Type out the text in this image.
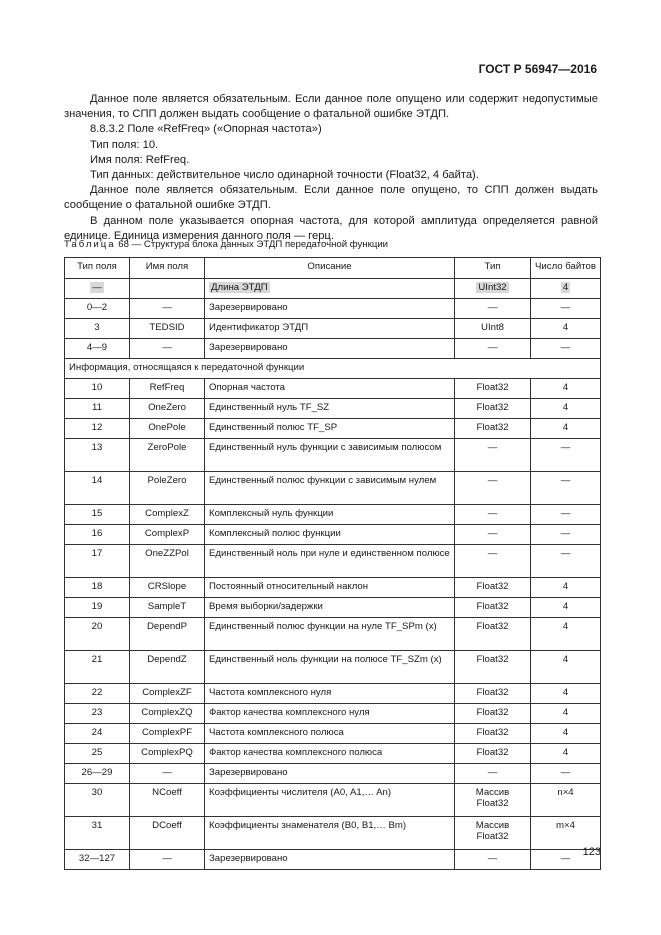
ГОСТ Р 56947—2016

Данное поле является обязательным. Если данное поле опущено или содержит недопустимые значения, то СПП должен выдать сообщение о фатальной ошибке ЭТДП.

8.8.3.2 Поле «RefFreq» («Опорная частота»)

Тип поля: 10.

Имя поля: RefFreq.

Тип данных: действительное число одинарной точности (Float32, 4 байта).

Данное поле является обязательным. Если данное поле опущено, то СПП должен выдать сообщение о фатальной ошибке ЭТДП.

В данном поле указывается опорная частота, для которой амплитуда определяется равной единице. Единица измерения данного поля — герц.

Таблица 68 — Структура блока данных ЭТДП передаточной функции
Тип поля	Имя поля	Описание	Тип	Число байтов
—		Длина ЭТДП	UInt32	4
0—2	—	Зарезервировано	—	—
3	TEDSID	Идентификатор ЭТДП	UInt8	4
4—9	—	Зарезервировано	—	—
Информация, относящаяся к передаточной функции				
10	RefFreq	Опорная частота	Float32	4
11	OneZero	Единственный нуль TF_SZ	Float32	4
12	OnePole	Единственный полюс TF_SP	Float32	4
13	ZeroPole	Единственный нуль функции с зависимым полюсом	—	—
14	PoleZero	Единственный полюс функции с зависимым нулем	—	—
15	ComplexZ	Комплексный нуль функции	—	—
16	ComplexP	Комплексный полюс функции	—	—
17	OneZZPol	Единственный ноль при нуле и единственном полюсе	—	—
18	CRSlope	Постоянный относительный наклон	Float32	4
19	SampleT	Время выборки/задержки	Float32	4
20	DependP	Единственный полюс функции на нуле TF_SPm (x)	Float32	4
21	DependZ	Единственный ноль функции на полюсе TF_SZm (x)	Float32	4
22	ComplexZF	Частота комплексного нуля	Float32	4
23	ComplexZQ	Фактор качества комплексного нуля	Float32	4
24	ComplexPF	Частота комплексного полюса	Float32	4
25	ComplexPQ	Фактор качества комплексного полюса	Float32	4
26—29	—	Зарезервировано	—	—
30	NCoeff	Коэффициенты числителя (A0, A1,… An)	Массив Float32	n×4
31	DCoeff	Коэффициенты знаменателя (B0, B1,… Bm)	Массив Float32	m×4
32—127	—	Зарезервировано	—	—
123
